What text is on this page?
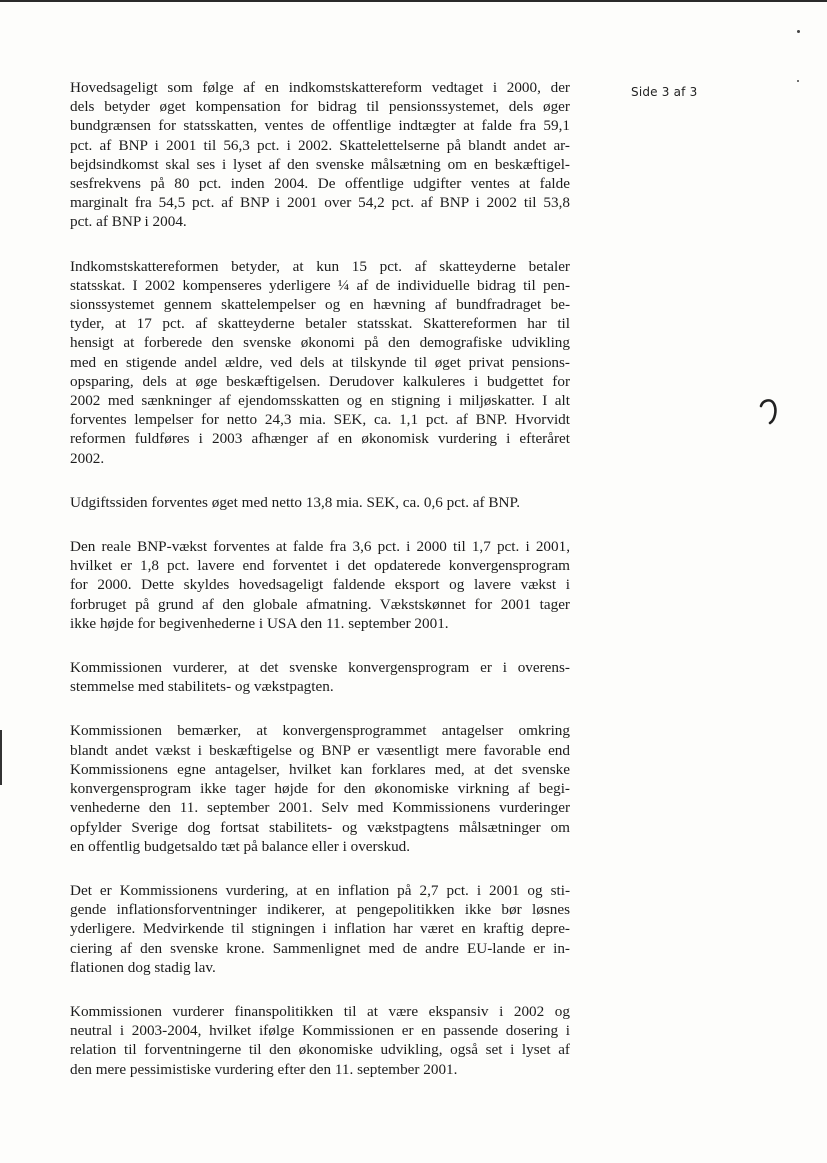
Side 3 af 3

Hovedsageligt som følge af en indkomstskattereform vedtaget i 2000, der
dels betyder øget kompensation for bidrag til pensionssystemet, dels øger
bundgrænsen for statsskatten, ventes de offentlige indtægter at falde fra 59,1
pct. af BNP i 2001 til 56,3 pct. i 2002. Skattelettelserne på blandt andet ar-
bejdsindkomst skal ses i lyset af den svenske målsætning om en beskæftigel-
sesfrekvens på 80 pct. inden 2004. De offentlige udgifter ventes at falde
marginalt fra 54,5 pct. af BNP i 2001 over 54,2 pct. af BNP i 2002 til 53,8
pct. af BNP i 2004.

Indkomstskattereformen betyder, at kun 15 pct. af skatteyderne betaler
statsskat. I 2002 kompenseres yderligere ¼ af de individuelle bidrag til pen-
sionssystemet gennem skattelempelser og en hævning af bundfradraget be-
tyder, at 17 pct. af skatteyderne betaler statsskat. Skattereformen har til
hensigt at forberede den svenske økonomi på den demografiske udvikling
med en stigende andel ældre, ved dels at tilskynde til øget privat pensions-
opsparing, dels at øge beskæftigelsen. Derudover kalkuleres i budgettet for
2002 med sænkninger af ejendomsskatten og en stigning i miljøskatter. I alt
forventes lempelser for netto 24,3 mia. SEK, ca. 1,1 pct. af BNP. Hvorvidt
reformen fuldføres i 2003 afhænger af en økonomisk vurdering i efteråret
2002.

Udgiftssiden forventes øget med netto 13,8 mia. SEK, ca. 0,6 pct. af BNP.

Den reale BNP-vækst forventes at falde fra 3,6 pct. i 2000 til 1,7 pct. i 2001,
hvilket er 1,8 pct. lavere end forventet i det opdaterede konvergensprogram
for 2000. Dette skyldes hovedsageligt faldende eksport og lavere vækst i
forbruget på grund af den globale afmatning. Vækstskønnet for 2001 tager
ikke højde for begivenhederne i USA den 11. september 2001.

Kommissionen vurderer, at det svenske konvergensprogram er i overens-
stemmelse med stabilitets- og vækstpagten.

Kommissionen bemærker, at konvergensprogrammet antagelser omkring
blandt andet vækst i beskæftigelse og BNP er væsentligt mere favorable end
Kommissionens egne antagelser, hvilket kan forklares med, at det svenske
konvergensprogram ikke tager højde for den økonomiske virkning af begi-
venhederne den 11. september 2001. Selv med Kommissionens vurderinger
opfylder Sverige dog fortsat stabilitets- og vækstpagtens målsætninger om
en offentlig budgetsaldo tæt på balance eller i overskud.

Det er Kommissionens vurdering, at en inflation på 2,7 pct. i 2001 og sti-
gende inflationsforventninger indikerer, at pengepolitikken ikke bør løsnes
yderligere. Medvirkende til stigningen i inflation har været en kraftig depre-
ciering af den svenske krone. Sammenlignet med de andre EU-lande er in-
flationen dog stadig lav.

Kommissionen vurderer finanspolitikken til at være ekspansiv i 2002 og
neutral i 2003-2004, hvilket ifølge Kommissionen er en passende dosering i
relation til forventningerne til den økonomiske udvikling, også set i lyset af
den mere pessimistiske vurdering efter den 11. september 2001.
